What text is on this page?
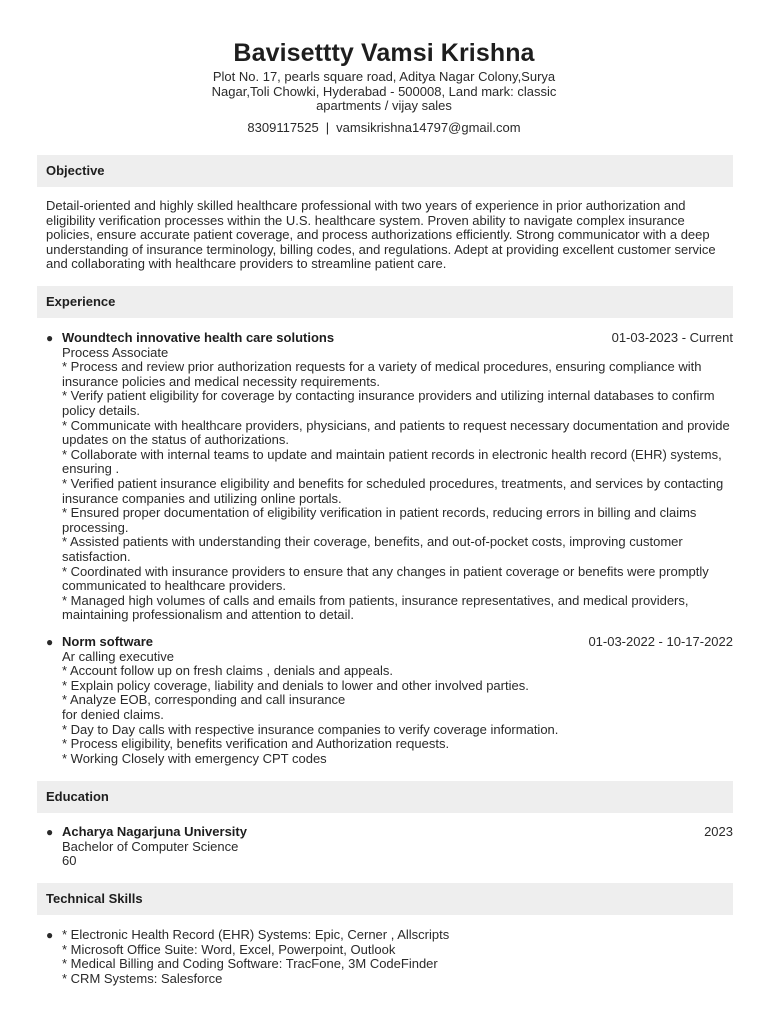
Bavisettty Vamsi Krishna
Plot No. 17, pearls square road, Aditya Nagar Colony,Surya Nagar,Toli Chowki, Hyderabad - 500008, Land mark: classic apartments / vijay sales
8309117525 | vamsikrishna14797@gmail.com
Objective
Detail-oriented and highly skilled healthcare professional with two years of experience in prior authorization and eligibility verification processes within the U.S. healthcare system. Proven ability to navigate complex insurance policies, ensure accurate patient coverage, and process authorizations efficiently. Strong communicator with a deep understanding of insurance terminology, billing codes, and regulations. Adept at providing excellent customer service and collaborating with healthcare providers to streamline patient care.
Experience
● Woundtech innovative health care solutions	01-03-2023 - Current
Process Associate
* Process and review prior authorization requests for a variety of medical procedures, ensuring compliance with insurance policies and medical necessity requirements.
* Verify patient eligibility for coverage by contacting insurance providers and utilizing internal databases to confirm policy details.
* Communicate with healthcare providers, physicians, and patients to request necessary documentation and provide updates on the status of authorizations.
* Collaborate with internal teams to update and maintain patient records in electronic health record (EHR) systems, ensuring .
* Verified patient insurance eligibility and benefits for scheduled procedures, treatments, and services by contacting insurance companies and utilizing online portals.
* Ensured proper documentation of eligibility verification in patient records, reducing errors in billing and claims processing.
* Assisted patients with understanding their coverage, benefits, and out-of-pocket costs, improving customer satisfaction.
* Coordinated with insurance providers to ensure that any changes in patient coverage or benefits were promptly communicated to healthcare providers.
* Managed high volumes of calls and emails from patients, insurance representatives, and medical providers, maintaining professionalism and attention to detail.
● Norm software	01-03-2022 - 10-17-2022
Ar calling executive
* Account follow up on fresh claims , denials and appeals.
* Explain policy coverage, liability and denials to lower and other involved parties.
* Analyze EOB, corresponding and call insurance
for denied claims.
* Day to Day calls with respective insurance companies to verify coverage information.
* Process eligibility, benefits verification and Authorization requests.
* Working Closely with emergency CPT codes
Education
● Acharya Nagarjuna University	2023
Bachelor of Computer Science
60
Technical Skills
● * Electronic Health Record (EHR) Systems: Epic, Cerner , Allscripts
* Microsoft Office Suite: Word, Excel, Powerpoint, Outlook
* Medical Billing and Coding Software: TracFone, 3M CodeFinder
* CRM Systems: Salesforce
